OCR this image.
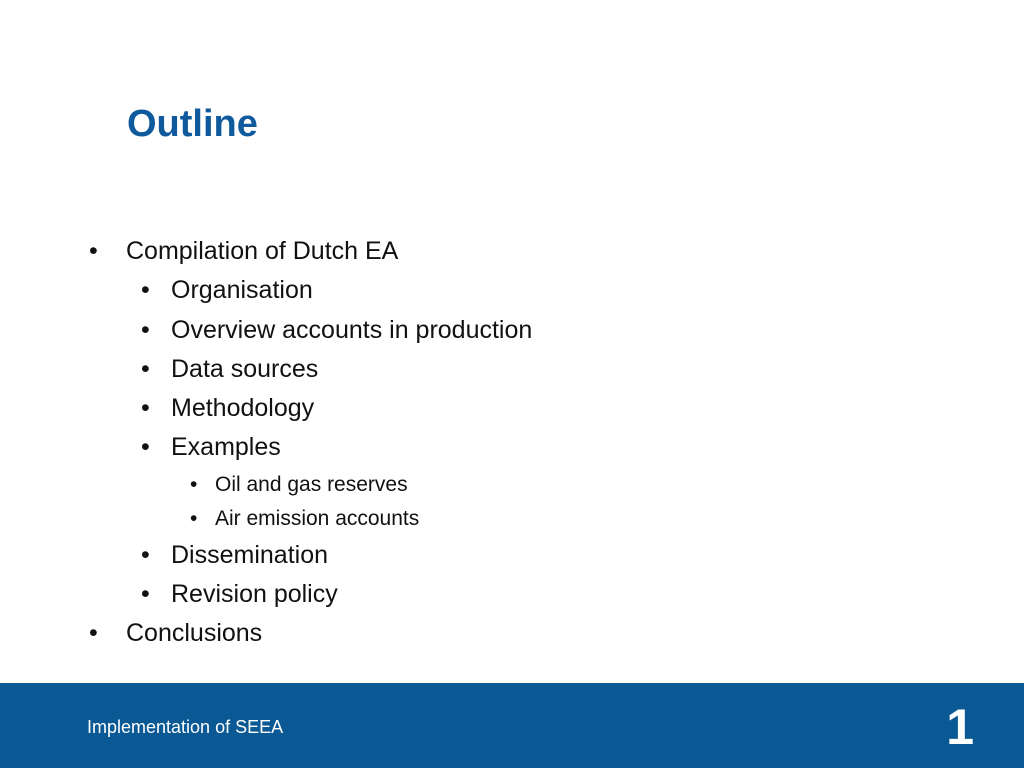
Outline
• Compilation of Dutch EA
• Organisation
• Overview accounts in production
• Data sources
• Methodology
• Examples
• Oil and gas reserves
• Air emission accounts
• Dissemination
• Revision policy
• Conclusions
Implementation of SEEA	1
